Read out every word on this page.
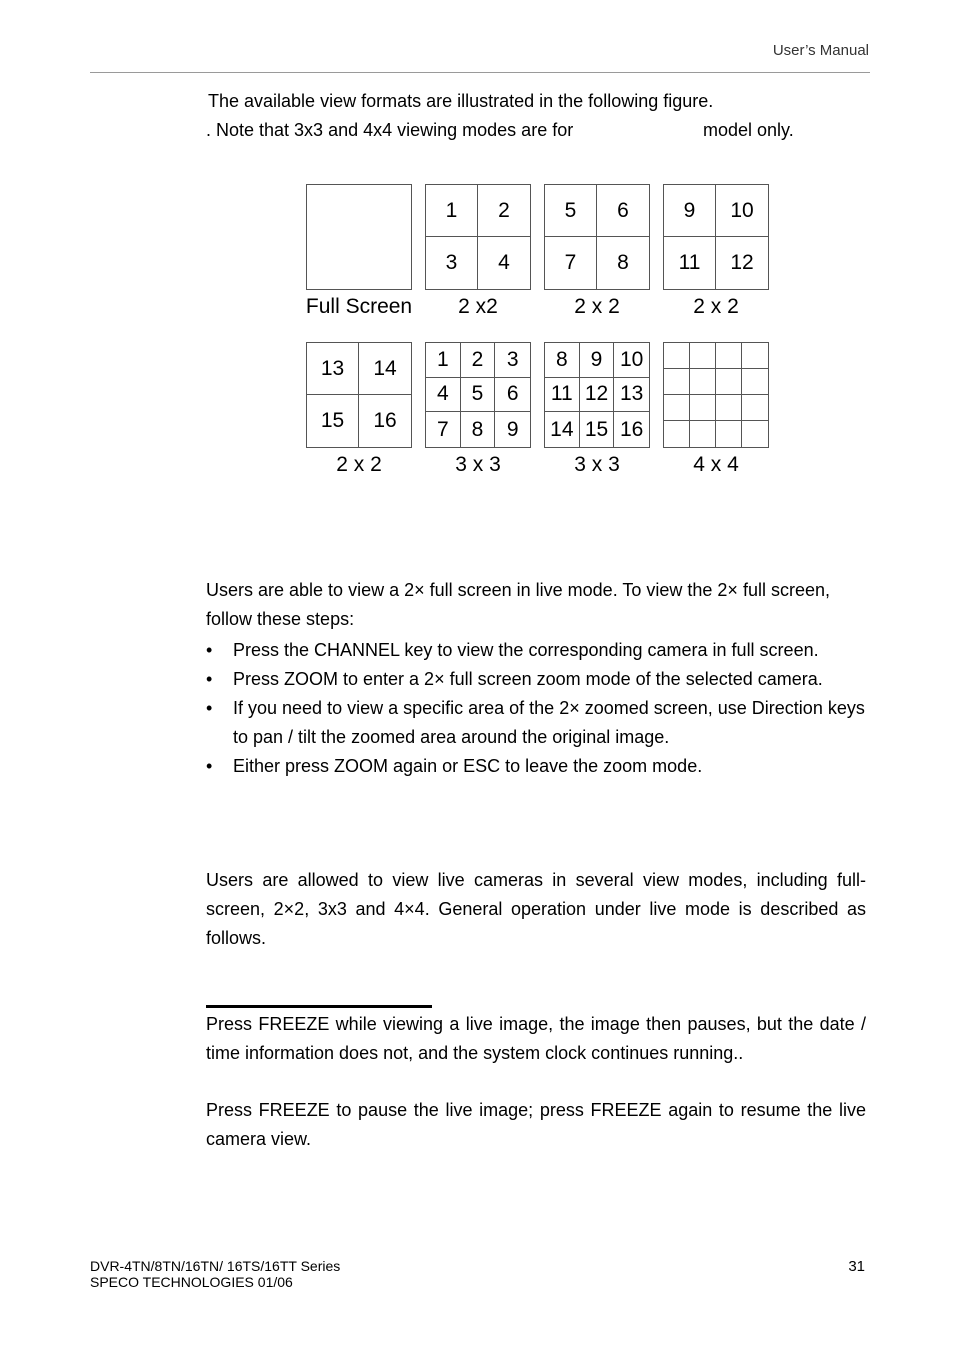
User’s Manual
The available view formats are illustrated in the following figure.
. Note that 3x3 and 4x4 viewing modes are for	model only.
Full Screen
1	2
3	4
2 x2
5	6
7	8
2 x 2
9	10
11	12
2 x 2
13	14
15	16
2 x 2
1	2	3
4	5	6
7	8	9
3 x 3
8	9 10
11 12 13
14 15 16
3 x 3	4 x 4
Users are able to view a 2× full screen in live mode. To view the 2× full screen, follow these steps:
• Press the CHANNEL key to view the corresponding camera in full screen.
• Press ZOOM to enter a 2× full screen zoom mode of the selected camera.
• If you need to view a specific area of the 2× zoomed screen, use Direction keys to pan / tilt the zoomed area around the original image.
• Either press ZOOM again or ESC to leave the zoom mode.
Users are allowed to view live cameras in several view modes, including full-screen, 2×2, 3x3 and 4×4. General operation under live mode is described as follows.
Press FREEZE while viewing a live image, the image then pauses, but the date / time information does not, and the system clock continues running..
Press FREEZE to pause the live image; press FREEZE again to resume the live camera view.
DVR-4TN/8TN/16TN/ 16TS/16TT Series
SPECO TECHNOLOGIES 01/06
31
